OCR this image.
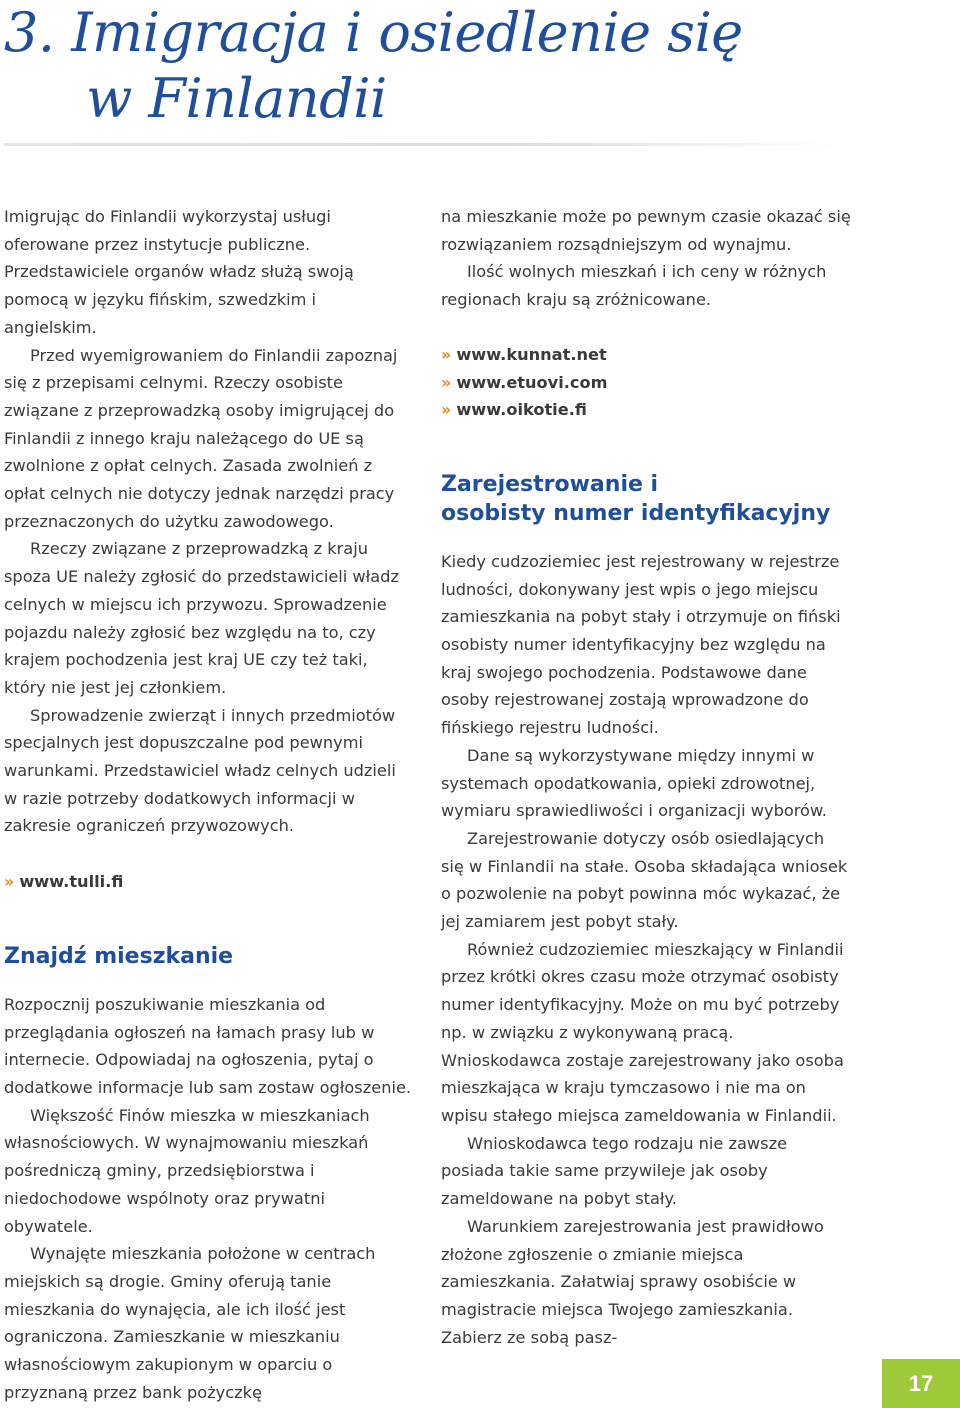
3. Imigracja i osiedlenie się
w Finlandii

Imigrując do Finlandii wykorzystaj usługi oferowane przez instytucje publiczne. Przedstawiciele organów władz służą swoją pomocą w języku fińskim, szwedzkim i angielskim.

Przed wyemigrowaniem do Finlandii zapoznaj się z przepisami celnymi. Rzeczy osobiste związane z przeprowadzką osoby imigrującej do Finlandii z innego kraju należącego do UE są zwolnione z opłat celnych. Zasada zwolnień z opłat celnych nie dotyczy jednak narzędzi pracy przeznaczonych do użytku zawodowego.

Rzeczy związane z przeprowadzką z kraju spoza UE należy zgłosić do przedstawicieli władz celnych w miejscu ich przywozu. Sprowadzenie pojazdu należy zgłosić bez względu na to, czy krajem pochodzenia jest kraj UE czy też taki, który nie jest jej członkiem.

Sprowadzenie zwierząt i innych przedmiotów specjalnych jest dopuszczalne pod pewnymi warunkami. Przedstawiciel władz celnych udzieli w razie potrzeby dodatkowych informacji w zakresie ograniczeń przywozowych.

›› www.tulli.fi

Znajdź mieszkanie

Rozpocznij poszukiwanie mieszkania od przeglądania ogłoszeń na łamach prasy lub w internecie. Odpowiadaj na ogłoszenia, pytaj o dodatkowe informacje lub sam zostaw ogłoszenie.

Większość Finów mieszka w mieszkaniach własnościowych. W wynajmowaniu mieszkań pośredniczą gminy, przedsiębiorstwa i niedochodowe wspólnoty oraz prywatni obywatele.

Wynajęte mieszkania położone w centrach miejskich są drogie. Gminy oferują tanie mieszkania do wynajęcia, ale ich ilość jest ograniczona. Zamieszkanie w mieszkaniu własnościowym zakupionym w oparciu o przyznaną przez bank pożyczkę

na mieszkanie może po pewnym czasie okazać się rozwiązaniem rozsądniejszym od wynajmu.

Ilość wolnych mieszkań i ich ceny w różnych regionach kraju są zróżnicowane.

›› www.kunnat.net

›› www.etuovi.com

›› www.oikotie.fi

Zarejestrowanie i
osobisty numer identyfikacyjny

Kiedy cudzoziemiec jest rejestrowany w rejestrze ludności, dokonywany jest wpis o jego miejscu zamieszkania na pobyt stały i otrzymuje on fiński osobisty numer identyfikacyjny bez względu na kraj swojego pochodzenia. Podstawowe dane osoby rejestrowanej zostają wprowadzone do fińskiego rejestru ludności.

Dane są wykorzystywane między innymi w systemach opodatkowania, opieki zdrowotnej, wymiaru sprawiedliwości i organizacji wyborów.

Zarejestrowanie dotyczy osób osiedlających się w Finlandii na stałe. Osoba składająca wniosek o pozwolenie na pobyt powinna móc wykazać, że jej zamiarem jest pobyt stały.

Również cudzoziemiec mieszkający w Finlandii przez krótki okres czasu może otrzymać osobisty numer identyfikacyjny. Może on mu być potrzeby np. w związku z wykonywaną pracą. Wnioskodawca zostaje zarejestrowany jako osoba mieszkająca w kraju tymczasowo i nie ma on wpisu stałego miejsca zameldowania w Finlandii.

Wnioskodawca tego rodzaju nie zawsze posiada takie same przywileje jak osoby zameldowane na pobyt stały.

Warunkiem zarejestrowania jest prawidłowo złożone zgłoszenie o zmianie miejsca zamieszkania. Załatwiaj sprawy osobiście w magistracie miejsca Twojego zamieszkania. Zabierz ze sobą pasz-

17
